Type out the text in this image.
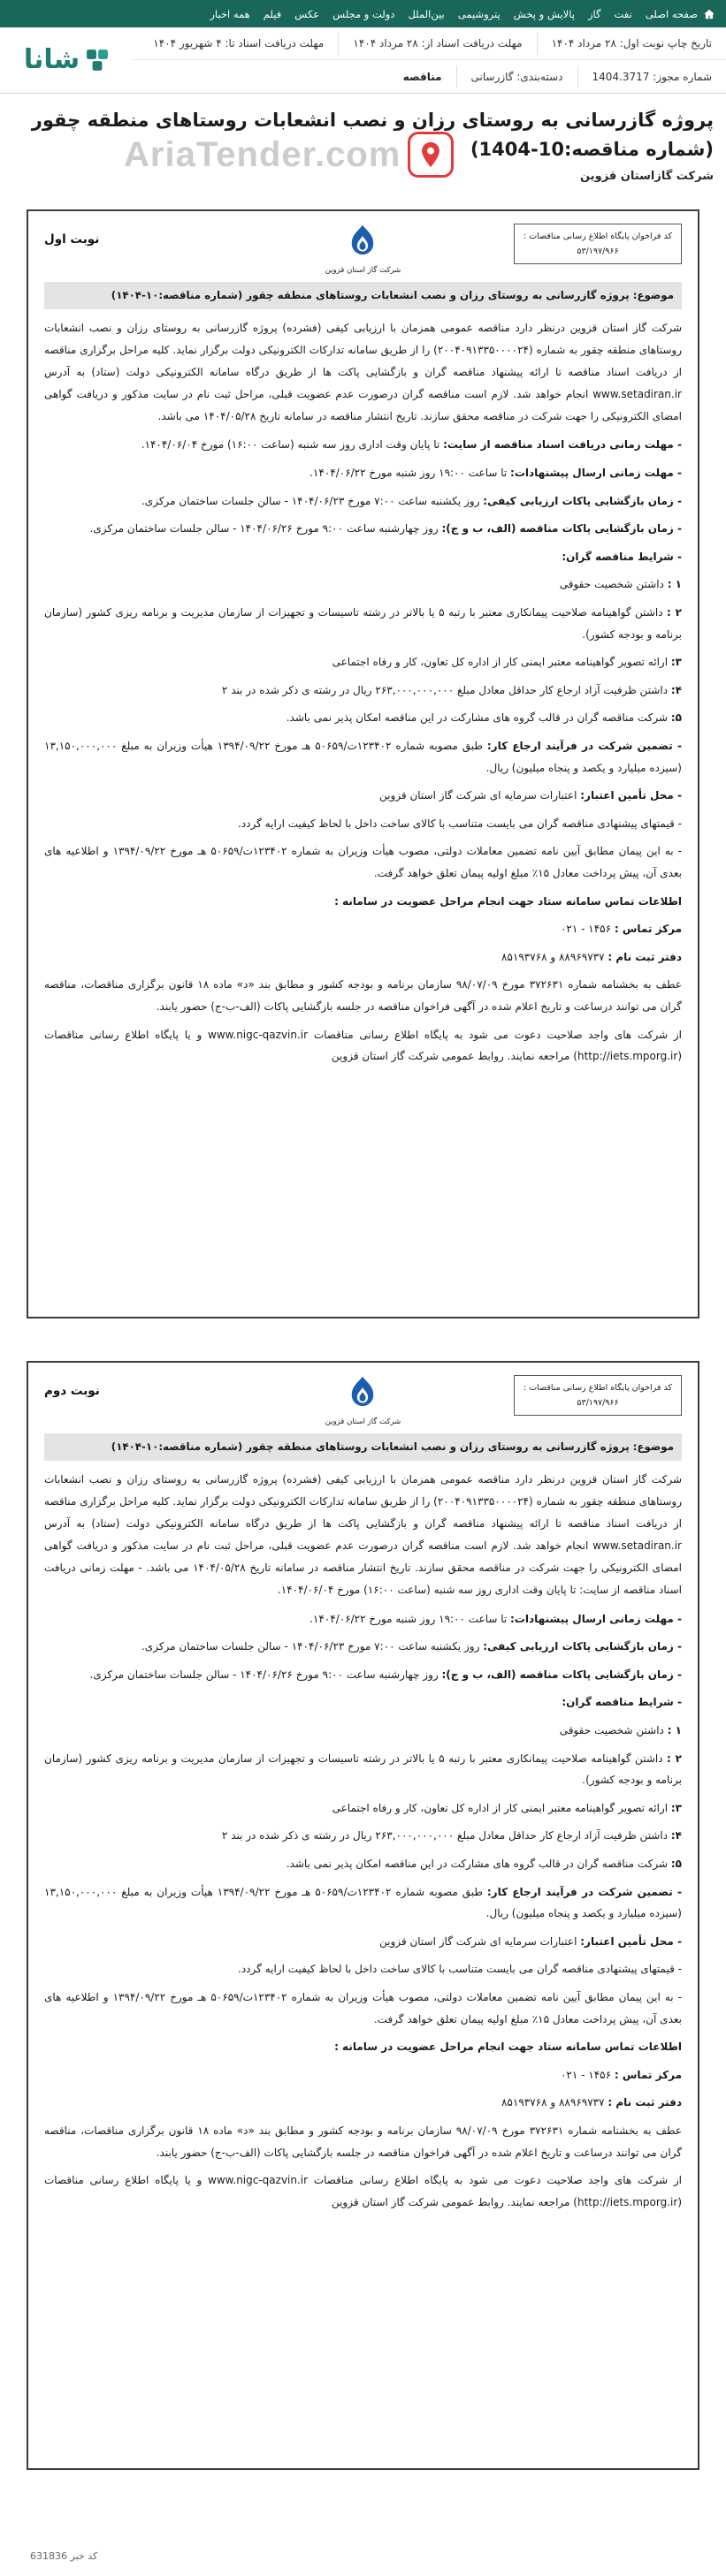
صفحه اصلی
نفت
گاز
پالایش و پخش
پتروشیمی
بین‌الملل
دولت و مجلس
عکس
فیلم
همه اخبار
تاریخ چاپ نوبت اول: ۲۸ مرداد ۱۴۰۴
مهلت دریافت اسناد از: ۲۸ مرداد ۱۴۰۴
مهلت دریافت اسناد تا: ۴ شهریور ۱۴۰۴
شماره مجوز: 1404.3717
دسته‌بندی: گازرسانی
مناقصه
شانا
پروژه گازرسانی به روستای رزان و نصب انشعابات روستاهای منطقه چقور (شماره مناقصه:10-1404)
شرکت گازاستان قزوین
AriaTender.com
کد فراخوان پایگاه اطلاع رسانی مناقصات :
۵۳/۱۹۷/۹۶۶
شرکت گاز استان قزوین
نوبت اول

موضوع: پروژه گازرسانی به روستای رزان و نصب انشعابات روستاهای منطقه چقور (شماره مناقصه:۱۰-۱۴۰۴)

شرکت گاز استان قزوین درنظر دارد مناقصه عمومی همزمان با ارزیابی کیفی (فشرده) پروژه گازرسانی به روستای رزان و نصب انشعابات روستاهای منطقه چقور به شماره (۲۰۰۴۰۹۱۳۳۵۰۰۰۰۲۴) را از طریق سامانه تدارکات الکترونیکی دولت برگزار نماید. کلیه مراحل برگزاری مناقصه از دریافت اسناد مناقصه تا ارائه پیشنهاد مناقصه گران و بازگشایی پاکت ها از طریق درگاه سامانه الکترونیکی دولت (ستاد) به آدرس www.setadiran.ir انجام خواهد شد. لازم است مناقصه گران درصورت عدم عضویت قبلی، مراحل ثبت نام در سایت مذکور و دریافت گواهی امضای الکترونیکی را جهت شرکت در مناقصه محقق سازند. تاریخ انتشار مناقصه در سامانه تاریخ ۱۴۰۴/۰۵/۲۸ می باشد.

- مهلت زمانی دریافت اسناد مناقصه از سایت: تا پایان وقت اداری روز سه شنبه (ساعت ۱۶:۰۰) مورخ ۱۴۰۴/۰۶/۰۴.
- مهلت زمانی ارسال پیشنهادات: تا ساعت ۱۹:۰۰ روز شنبه مورخ ۱۴۰۴/۰۶/۲۲.
- زمان بازگشایی پاکات ارزیابی کیفی: روز یکشنبه ساعت ۷:۰۰ مورخ ۱۴۰۴/۰۶/۲۳ - سالن جلسات ساختمان مرکزی.
- زمان بازگشایی پاکات مناقصه (الف، ب و ج): روز چهارشنبه ساعت ۹:۰۰ مورخ ۱۴۰۴/۰۶/۲۶ - سالن جلسات ساختمان مرکزی.
- شرایط مناقصه گران:
۱ : داشتن شخصیت حقوقی
۲ : داشتن گواهینامه صلاحیت پیمانکاری معتبر با رتبه ۵ یا بالاتر در رشته تاسیسات و تجهیزات از سازمان مدیریت و برنامه ریزی کشور (سازمان برنامه و بودجه کشور).
۳: ارائه تصویر گواهینامه معتبر ایمنی کار از اداره کل تعاون، کار و رفاه اجتماعی
۴: داشتن ظرفیت آزاد ارجاع کار حداقل معادل مبلغ ۲۶۳,۰۰۰,۰۰۰,۰۰۰ ریال در رشته ی ذکر شده در بند ۲
۵: شرکت مناقصه گران در قالب گروه های مشارکت در این مناقصه امکان پذیر نمی باشد.
- تضمین شرکت در فرآیند ارجاع کار: طبق مصوبه شماره ۱۲۳۴۰۲ت/۵۰۶۵۹ هـ مورخ ۱۳۹۴/۰۹/۲۲ هیأت وزیران به مبلغ ۱۳,۱۵۰,۰۰۰,۰۰۰ (سیزده میلیارد و یکصد و پنجاه میلیون) ریال.
- محل تأمین اعتبار: اعتبارات سرمایه ای شرکت گاز استان قزوین
- قیمتهای پیشنهادی مناقصه گران می بایست متناسب با کالای ساخت داخل با لحاظ کیفیت ارایه گردد.
- به این پیمان مطابق آیین نامه تضمین معاملات دولتی، مصوب هیأت وزیران به شماره ۱۲۳۴۰۲ت/۵۰۶۵۹ هـ مورخ ۱۳۹۴/۰۹/۲۲ و اطلاعیه های بعدی آن، پیش پرداخت معادل ۱۵٪ مبلغ اولیه پیمان تعلق خواهد گرفت.
اطلاعات تماس سامانه ستاد جهت انجام مراحل عضویت در سامانه :
مرکز تماس : ۱۴۵۶ - ۰۲۱
دفتر ثبت نام : ۸۸۹۶۹۷۳۷ و ۸۵۱۹۳۷۶۸
عطف به بخشنامه شماره ۳۷۲۶۳۱ مورخ ۹۸/۰۷/۰۹ سازمان برنامه و بودجه کشور و مطابق بند «د» ماده ۱۸ قانون برگزاری مناقصات، مناقصه گران می توانند درساعت و تاریخ اعلام شده در آگهی فراخوان مناقصه در جلسه بازگشایی پاکات (الف-ب-ج) حضور یابند.
از شرکت های واجد صلاحیت دعوت می شود به پایگاه اطلاع رسانی مناقصات www.nigc-qazvin.ir و یا پایگاه اطلاع رسانی مناقصات (http://iets.mporg.ir) مراجعه نمایند. روابط عمومی شرکت گاز استان قزوین
کد فراخوان پایگاه اطلاع رسانی مناقصات :
۵۳/۱۹۷/۹۶۶
شرکت گاز استان قزوین
نوبت دوم

موضوع: پروژه گازرسانی به روستای رزان و نصب انشعابات روستاهای منطقه چقور (شماره مناقصه:۱۰-۱۴۰۴)

شرکت گاز استان قزوین درنظر دارد مناقصه عمومی همزمان با ارزیابی کیفی (فشرده) پروژه گازرسانی به روستای رزان و نصب انشعابات روستاهای منطقه چقور به شماره (۲۰۰۴۰۹۱۳۳۵۰۰۰۰۲۴) را از طریق سامانه تدارکات الکترونیکی دولت برگزار نماید. کلیه مراحل برگزاری مناقصه از دریافت اسناد مناقصه تا ارائه پیشنهاد مناقصه گران و بازگشایی پاکت ها از طریق درگاه سامانه الکترونیکی دولت (ستاد) به آدرس www.setadiran.ir انجام خواهد شد. لازم است مناقصه گران درصورت عدم عضویت قبلی، مراحل ثبت نام در سایت مذکور و دریافت گواهی امضای الکترونیکی را جهت شرکت در مناقصه محقق سازند. تاریخ انتشار مناقصه در سامانه تاریخ ۱۴۰۴/۰۵/۲۸ می باشد. - مهلت زمانی دریافت اسناد مناقصه از سایت: تا پایان وقت اداری روز سه شنبه (ساعت ۱۶:۰۰) مورخ ۱۴۰۴/۰۶/۰۴.

- مهلت زمانی ارسال پیشنهادات: تا ساعت ۱۹:۰۰ روز شنبه مورخ ۱۴۰۴/۰۶/۲۲.
- زمان بازگشایی پاکات ارزیابی کیفی: روز یکشنبه ساعت ۷:۰۰ مورخ ۱۴۰۴/۰۶/۲۳ - سالن جلسات ساختمان مرکزی.
- زمان بازگشایی پاکات مناقصه (الف، ب و ج): روز چهارشنبه ساعت ۹:۰۰ مورخ ۱۴۰۴/۰۶/۲۶ - سالن جلسات ساختمان مرکزی.
- شرایط مناقصه گران:
۱ : داشتن شخصیت حقوقی
۲ : داشتن گواهینامه صلاحیت پیمانکاری معتبر با رتبه ۵ یا بالاتر در رشته تاسیسات و تجهیزات از سازمان مدیریت و برنامه ریزی کشور (سازمان برنامه و بودجه کشور).
۳: ارائه تصویر گواهینامه معتبر ایمنی کار از اداره کل تعاون، کار و رفاه اجتماعی
۴: داشتن ظرفیت آزاد ارجاع کار حداقل معادل مبلغ ۲۶۳,۰۰۰,۰۰۰,۰۰۰ ریال در رشته ی ذکر شده در بند ۲
۵: شرکت مناقصه گران در قالب گروه های مشارکت در این مناقصه امکان پذیر نمی باشد.
- تضمین شرکت در فرآیند ارجاع کار: طبق مصوبه شماره ۱۲۳۴۰۲ت/۵۰۶۵۹ هـ مورخ ۱۳۹۴/۰۹/۲۲ هیأت وزیران به مبلغ ۱۳,۱۵۰,۰۰۰,۰۰۰ (سیزده میلیارد و یکصد و پنجاه میلیون) ریال.
- محل تأمین اعتبار: اعتبارات سرمایه ای شرکت گاز استان قزوین
- قیمتهای پیشنهادی مناقصه گران می بایست متناسب با کالای ساخت داخل با لحاظ کیفیت ارایه گردد.
- به این پیمان مطابق آیین نامه تضمین معاملات دولتی، مصوب هیأت وزیران به شماره ۱۲۳۴۰۲ت/۵۰۶۵۹ هـ مورخ ۱۳۹۴/۰۹/۲۲ و اطلاعیه های بعدی آن، پیش پرداخت معادل ۱۵٪ مبلغ اولیه پیمان تعلق خواهد گرفت.
اطلاعات تماس سامانه ستاد جهت انجام مراحل عضویت در سامانه :
مرکز تماس : ۱۴۵۶ - ۰۲۱
دفتر ثبت نام : ۸۸۹۶۹۷۳۷ و ۸۵۱۹۳۷۶۸
عطف به بخشنامه شماره ۳۷۲۶۳۱ مورخ ۹۸/۰۷/۰۹ سازمان برنامه و بودجه کشور و مطابق بند «د» ماده ۱۸ قانون برگزاری مناقصات، مناقصه گران می توانند درساعت و تاریخ اعلام شده در آگهی فراخوان مناقصه در جلسه بازگشایی پاکات (الف-ب-ج) حضور یابند.
از شرکت های واجد صلاحیت دعوت می شود به پایگاه اطلاع رسانی مناقصات www.nigc-qazvin.ir و یا پایگاه اطلاع رسانی مناقصات (http://iets.mporg.ir) مراجعه نمایند. روابط عمومی شرکت گاز استان قزوین
کد خبر 631836
